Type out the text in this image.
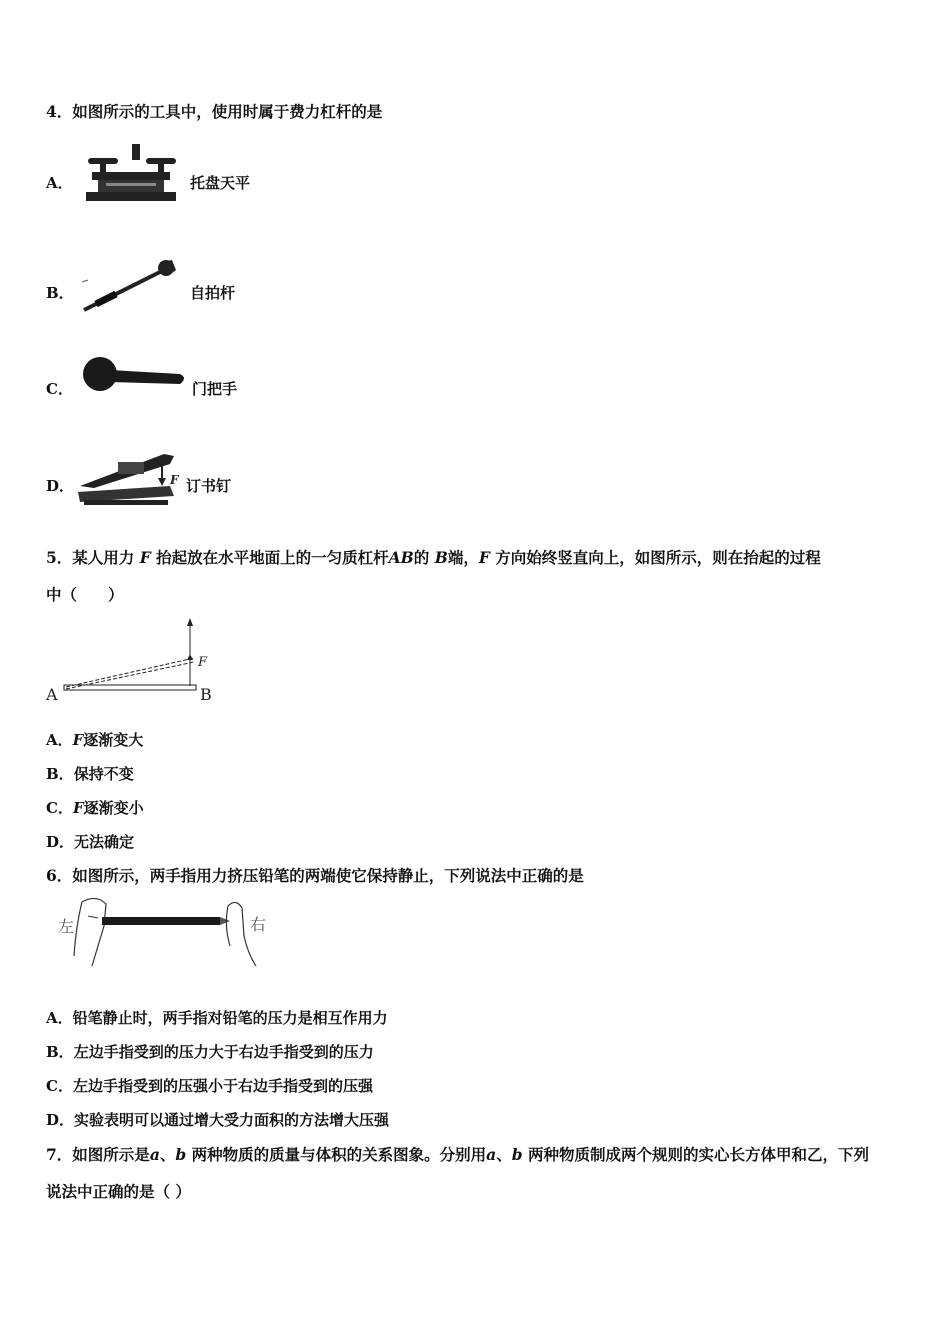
4．如图所示的工具中，使用时属于费力杠杆的是
A．	托盘天平
B．	自拍杆
C．	门把手
D．	F 订书钉
5．某人用力 F 抬起放在水平地面上的一匀质杠杆AB的 B端，F 方向始终竖直向上，如图所示，则在抬起的过程
中（　　）
A	B
F
A．F逐渐变大
B．保持不变
C．F逐渐变小
D．无法确定
6．如图所示，两手指用力挤压铅笔的两端使它保持静止，下列说法中正确的是
左	右
A．铅笔静止时，两手指对铅笔的压力是相互作用力
B．左边手指受到的压力大于右边手指受到的压力
C．左边手指受到的压强小于右边手指受到的压强
D．实验表明可以通过增大受力面积的方法增大压强
7．如图所示是a、b 两种物质的质量与体积的关系图象。分别用a、b 两种物质制成两个规则的实心长方体甲和乙，下列
说法中正确的是（ ）
